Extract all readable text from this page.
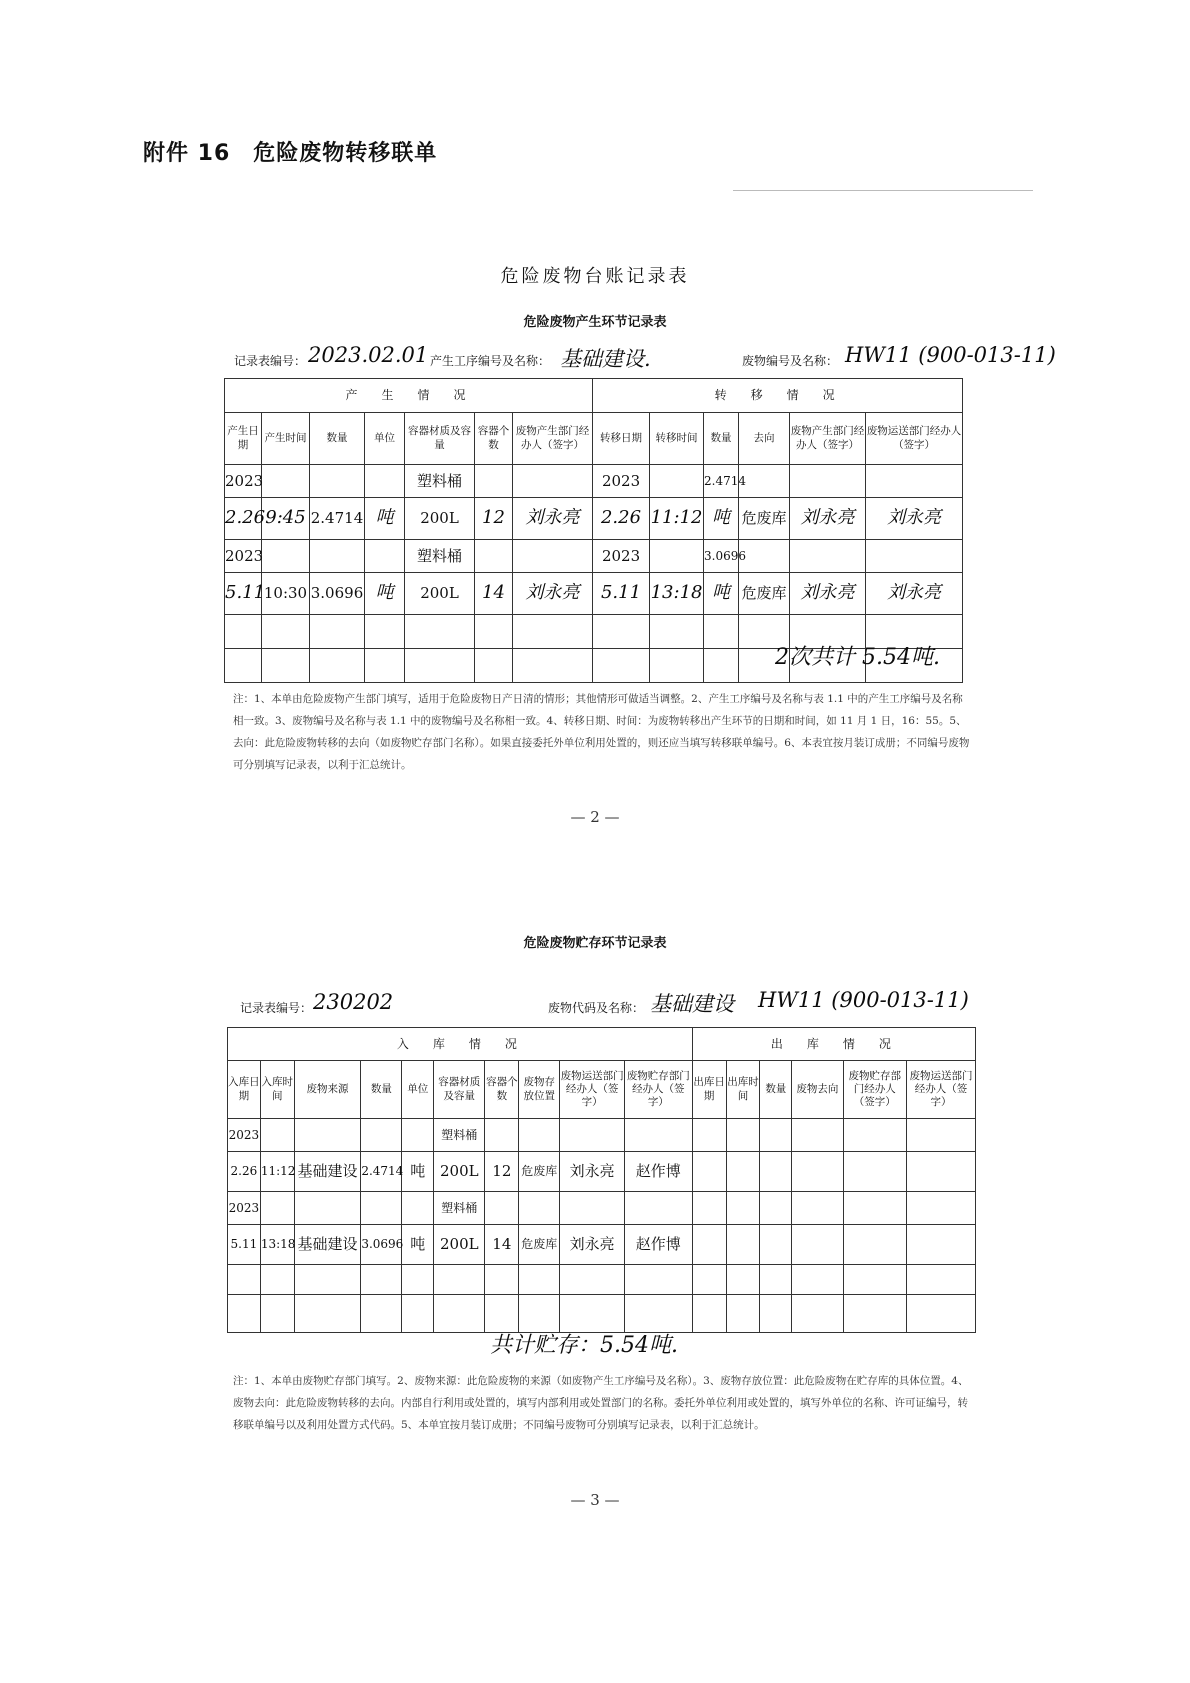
附件 16　危险废物转移联单
危险废物台账记录表
危险废物产生环节记录表
记录表编号： 2023.02.01 产生工序编号及名称： 基础建设.	废物编号及名称： HW11 (900-013-11)
产　生　情　况							转　移　情　况					
产生日期	产生时间	数量	单位	容器材质及容量	容器个数	废物产生部门经办人（签字）	转移日期	转移时间	数量	去向	废物产生部门经办人（签字）	废物运送部门经办人（签字）
2023				塑料桶			2023		2.4714			
2.26	9:45	2.4714	吨	200L	12	刘永亮	2.26	11:12	吨	危废库	刘永亮	刘永亮
2023				塑料桶			2023		3.0696			
5.11	10:30	3.0696	吨	200L	14	刘永亮	5.11	13:18	吨	危废库	刘永亮	刘永亮

2次共计 5.54吨.
注：1、本单由危险废物产生部门填写，适用于危险废物日产日清的情形；其他情形可做适当调整。2、产生工序编号及名称与表 1.1 中的产生工序编号及名称相一致。3、废物编号及名称与表 1.1 中的废物编号及名称相一致。4、转移日期、时间：为废物转移出产生环节的日期和时间，如 11 月 1 日，16：55。5、去向：此危险废物转移的去向（如废物贮存部门名称）。如果直接委托外单位利用处置的，则还应当填写转移联单编号。6、本表宜按月装订成册；不同编号废物可分别填写记录表，以利于汇总统计。
— 2 —
危险废物贮存环节记录表
记录表编号： 230202	废物代码及名称： 基础建设 HW11 (900-013-11)
入　库　情　况										出　库　情　况					
入库日期	入库时间	废物来源	数量	单位	容器材质及容量	容器个数	废物存放位置	废物运送部门经办人（签字）	废物贮存部门经办人（签字）	出库日期	出库时间	数量	废物去向	废物贮存部门经办人（签字）	废物运送部门经办人（签字）
2023					塑料桶										
2.26	11:12	基础建设	2.4714	吨	200L	12	危废库	刘永亮	赵作博						
2023					塑料桶										
5.11	13:18	基础建设	3.0696	吨	200L	14	危废库	刘永亮	赵作博						

共计贮存：5.54吨.
注：1、本单由废物贮存部门填写。2、废物来源：此危险废物的来源（如废物产生工序编号及名称）。3、废物存放位置：此危险废物在贮存库的具体位置。4、废物去向：此危险废物转移的去向。内部自行利用或处置的，填写内部利用或处置部门的名称。委托外单位利用或处置的，填写外单位的名称、许可证编号，转移联单编号以及利用处置方式代码。5、本单宜按月装订成册；不同编号废物可分别填写记录表，以利于汇总统计。
— 3 —
